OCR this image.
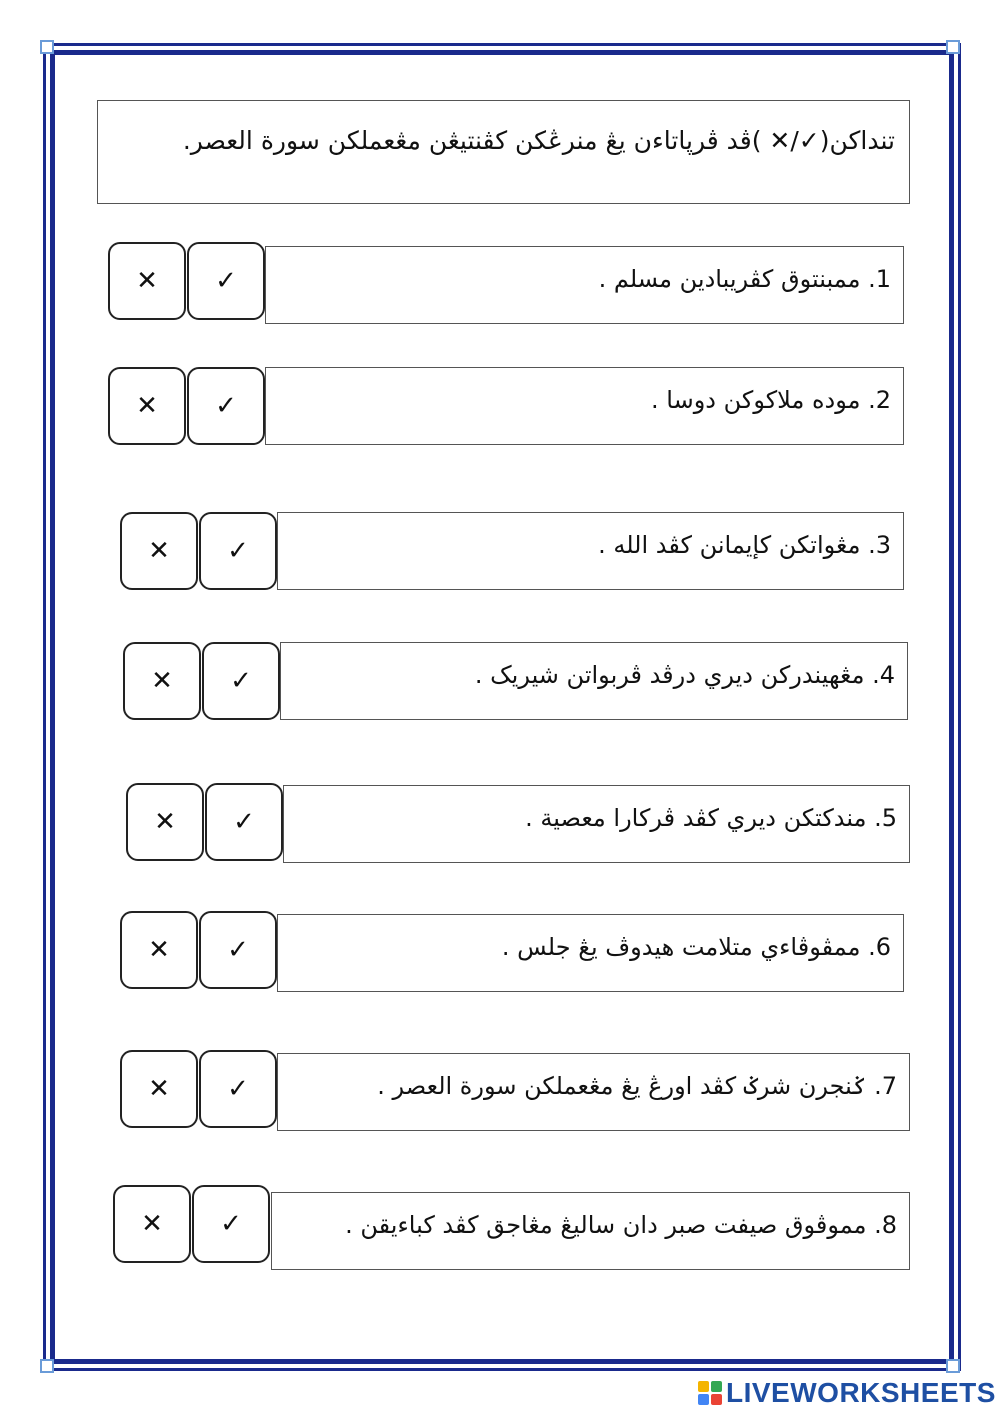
تنداكن(✓/✕ )ڤد ڤرڽاتاءن يڠ منرڠكن كڤنتيڠن مڠعملكن سورة العصر.
1. ممبنتوق كڤريبادين مسلم .
✓
✕
2. موده ملاكوكن دوسا .
✓
✕
3. مڠواتكن کإيمانن كڤد الله .
✓
✕
4. مڠهيندركن ديري درڤد ڤربواتن شيريک .
✓
✕
5. مندكتكن ديري كڤد ڤركارا معصية .
✓
✕
6. ممڤوڤاءي متلامت هيدوڤ يڠ جلس .
✓
✕
7. ݢنجرن شرݢ كڤد اورڠ يڠ مڠعملكن سورة العصر .
✓
✕
8. مموڤوق صيفت صبر دان ساليڠ مڠاجق كڤد كباءيقن .
✓
✕
LIVEWORKSHEETS
